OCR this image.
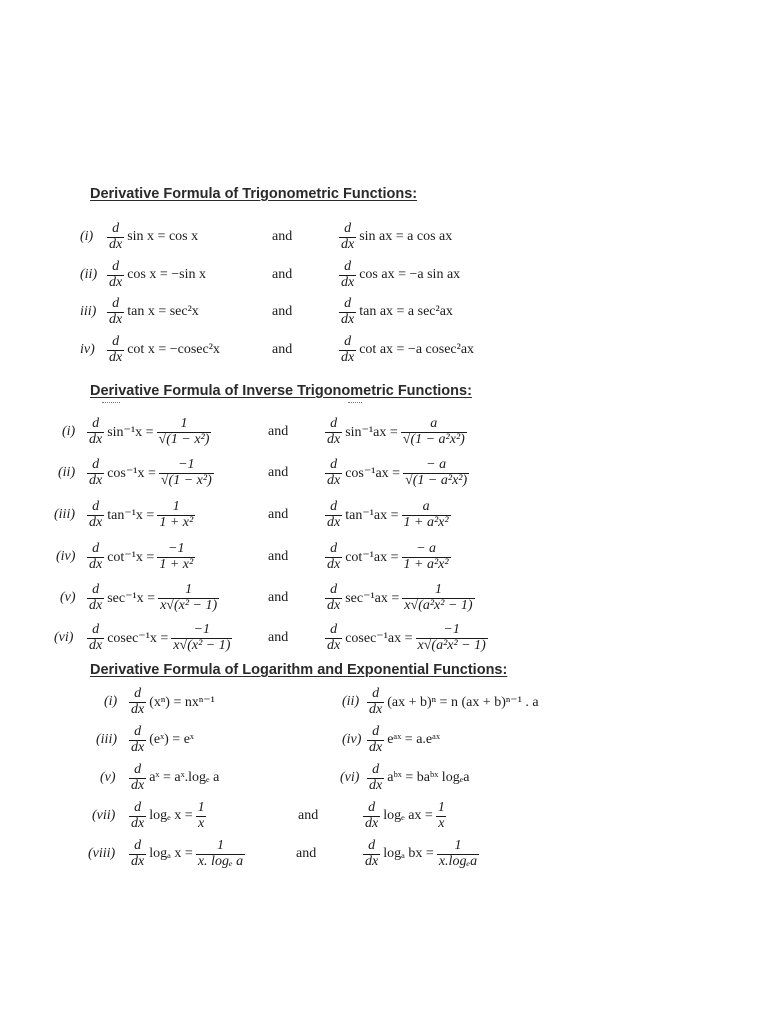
Derivative Formula of Trigonometric Functions:
$(i) \frac{d}{dx}$ sin x = cos x	and	$\frac{d}{dx}$ sin ax = a cos ax
$(ii) \frac{d}{dx}$ cos x = −sin x	and	$\frac{d}{dx}$ cos ax = −a sin ax
$iii) \frac{d}{dx}$ tan x = sec²x	and	$\frac{d}{dx}$ tan ax = a sec²ax
$iv) \frac{d}{dx}$ cot x = −cosec²x	and	$\frac{d}{dx}$ cot ax = −a cosec²ax
Derivative Formula of Inverse Trigonometric Functions:
$(i) \frac{d}{dx} \sin^{-1}x = \frac{1}{\text{√(1 − x²)}}$	and	$\frac{d}{dx} \sin^{-1}ax = \frac{a}{\text{√(1 − a²x²)}}$
$(ii) \frac{d}{dx} \cos^{-1}x = \frac{-1}{\text{√(1 − x²)}}$	and	$\frac{d}{dx} \cos^{-1}ax = \frac{- a}{\text{√(1 − a²x²)}}$
$(iii) \frac{d}{dx} \tan^{-1}x = \frac{1}{\text{1 + x²}}$	and	$\frac{d}{dx} \tan^{-1}ax = \frac{a}{\text{1 + a²x²}}$
$(iv) \frac{d}{dx} \cot^{-1}x = \frac{-1}{\text{1 + x²}}$	and	$\frac{d}{dx} \cot^{-1}ax = \frac{- a}{\text{1 + a²x²}}$
$(v) \frac{d}{dx} \sec^{-1}x = \frac{1}{\text{x√(x² − 1)}}$	and	$\frac{d}{dx} \sec^{-1}ax = \frac{1}{\text{x√(a²x² − 1)}}$
$(vi) \frac{d}{dx} cosec^{-1}x = \frac{-1}{\text{x√(x² − 1)}}$	and	$\frac{d}{dx} cosec^{-1}ax = \frac{-1}{\text{x√(a²x² − 1)}}$
Derivative Formula of Logarithm and Exponential Functions:
$(i) \frac{d}{dx} (x^n) = nx^{n-1}$	$(ii) \frac{d}{dx} (ax + b)^n = n$ (ax + b)ⁿ⁻¹ . a
$(iii) \frac{d}{dx}$ (eˣ) = eˣ	$(iv) \frac{d}{dx}$ eᵃˣ = a.eᵃˣ
$(v) \frac{d}{dx}$ aˣ = aˣ.logₑ a	$(vi) \frac{d}{dx}$ aᵇˣ = baᵇˣ logₑa
$(vii) \frac{d}{dx}$ logₑ $x = \frac{1}{x}$	and	$\frac{d}{dx}$ logₑ ax = $\frac{1}{x}$
(viii) $\frac{d}{dx}$ logₐ $x = \frac{1}{\text{x. logₑ a}}$	and	$\frac{d}{dx}$ logₐ bx = $\frac{1}{\text{x.logₑa}}$
